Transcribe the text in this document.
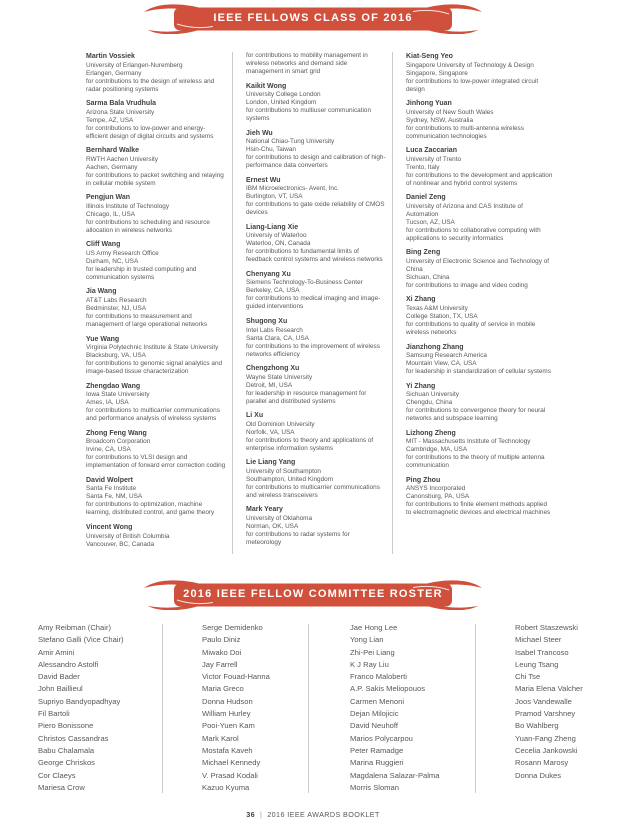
IEEE FELLOWS CLASS OF 2016
Martin Vossiek
University of Erlangen-Nuremberg
Erlangen, Germany
for contributions to the design of wireless and radar positioning systems
Sarma Bala Vrudhula
Arizona State University
Tempe, AZ, USA
for contributions to low-power and energy-efficient design of digital circuits and systems
Bernhard Walke
RWTH Aachen University
Aachen, Germany
for contributions to packet switching and relaying in cellular mobile system
Pengjun Wan
Illinois Institute of Technology
Chicago, IL, USA
for contributions to scheduling and resource allocation in wireless networks
Cliff Wang
US Army Research Office
Durham, NC, USA
for leadership in trusted computing and communication systems
Jia Wang
AT&T Labs Research
Bedminster, NJ, USA
for contributions to measurement and management of large operational networks
Yue Wang
Virginia Polytechnic Institute & State University
Blacksburg, VA, USA
for contributions to genomic signal analytics and image-based tissue characterization
Zhengdao Wang
Iowa State Universiety
Ames, IA, USA
for contributions to multicarrier communications and performance analysis of wireless systems
Zhong Feng Wang
Broadcom Corporation
Irvine, CA, USA
for contributions to VLSI design and implementation of forward error correction coding
David Wolpert
Santa Fe Institute
Santa Fe, NM, USA
for contributions to optimization, machine learning, distributed control, and game theory
Vincent Wong
University of British Columbia
Vancouver, BC, Canada
for contributions to mobility management in wireless networks and demand side management in smart grid
Kaikit Wong
University College London
London, United Kingdom
for contributions to multiuser communication systems
Jieh Wu
National Chiao-Tung University
Hsin-Chu, Taiwan
for contributions to design and calibration of high-performance data converters
Ernest Wu
IBM Microelectronics- Avent, Inc.
Burlington, VT, USA
for contributions to gate oxide reliability of CMOS devices
Liang-Liang Xie
Universiy of Waterloo
Waterloo, ON, Canada
for contributions to fundamental limits of feedback control systems and wireless networks
Chenyang Xu
Siemens Technology-To-Business Center
Berkeley, CA, USA
for contributions to medical imaging and image-guided interventions
Shugong Xu
Intel Labs Research
Santa Clara, CA, USA
for contributions to the improvement of wireless networks efficiency
Chengzhong Xu
Wayne State University
Detroit, MI, USA
for leadership in resource management for parallel and distributed systems
Li Xu
Old Dominion University
Norfolk, VA, USA
for contributions to theory and applications of enterprise information systems
Lie Liang Yang
University of Southampton
Southampton, United Kingdom
for contributions to multicarrier communications and wireless transceivers
Mark Yeary
University of Oklahoma
Norman, OK, USA
for contributions to radar systems for meteorology
Kiat-Seng Yeo
Singapore University of Technology & Design
Singapore, Singapore
for contributions to low-power integrated circuit design
Jinhong Yuan
University of New South Wales
Sydney, NSW, Australia
for contributions to multi-antenna wireless communication technologies
Luca Zaccarian
University of Trento
Trento, Italy
for contributions to the development and application of nonlinear and hybrid control systems
Daniel Zeng
University of Arizona and CAS Institute of Automation
Tucson, AZ, USA
for contributions to collaborative computing with applications to security informatics
Bing Zeng
University of Electronic Science and Technology of China
Sichuan, China
for contributions to image and video coding
Xi Zhang
Texas A&M University
College Station, TX, USA
for contributions to quality of service in mobile wireless networks
Jianzhong Zhang
Samsung Research America
Mountain View, CA, USA
for leadership in standardization of cellular systems
Yi Zhang
Sichuan University
Chengdu, China
for contributions to convergence theory for neural networks and subspace learning
Lizhong Zheng
MIT - Massachusetts Institute of Technology
Cambridge, MA, USA
for contributions to the theory of multiple antenna communication
Ping Zhou
ANSYS Incorporated
Canonsburg, PA, USA
for contributions to finite element methods applied to electromagnetic devices and electrical machines
2016 IEEE FELLOW COMMITTEE ROSTER
Amy Reibman (Chair)
Stefano Galli (Vice Chair)
Amir Amini
Alessandro Astolfi
David Bader
John Baillieul
Supriyo Bandyopadhyay
Fil Bartoli
Piero Bonissone
Christos Cassandras
Babu Chalamala
George Chriskos
Cor Claeys
Mariesa Crow
Serge Demidenko
Paulo Diniz
Miwako Doi
Jay Farrell
Victor Fouad-Hanna
Maria Greco
Donna Hudson
William Hurley
Pooi-Yuen Kam
Mark Karol
Mostafa Kaveh
Michael Kennedy
V. Prasad Kodali
Kazuo Kyuma
Jae Hong Lee
Yong Lian
Zhi-Pei Liang
K J Ray Liu
Franco Maloberti
A.P. Sakis Meliopouos
Carmen Menoni
Dejan Milojicic
David Neuhoff
Marios Polycarpou
Peter Ramadge
Marina Ruggieri
Magdalena Salazar-Palma
Morris Sloman
Robert Staszewski
Michael Steer
Isabel Trancoso
Leung Tsang
Chi Tse
Maria Elena Valcher
Joos Vandewalle
Pramod Varshney
Bo Wahlberg
Yuan-Fang Zheng
Cecelia Jankowski
Rosann Marosy
Donna Dukes
36 | 2016 IEEE AWARDS BOOKLET
